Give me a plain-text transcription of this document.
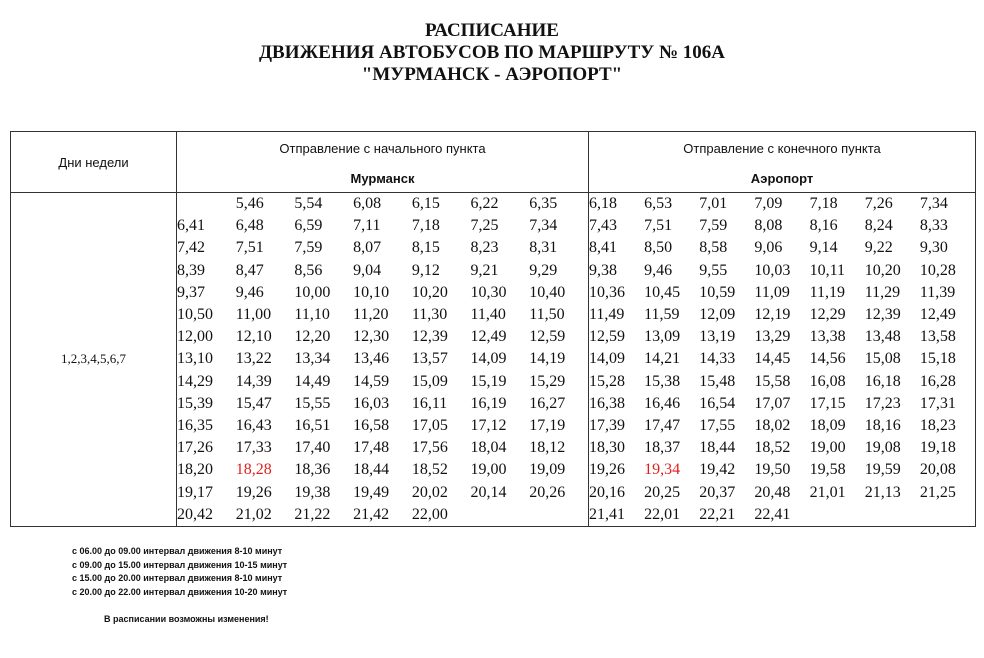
РАСПИСАНИЕ
ДВИЖЕНИЯ АВТОБУСОВ ПО МАРШРУТУ № 106А
"МУРМАНСК - АЭРОПОРТ"
Дни недели	Отправление с начального пункта	Отправление с конечного пункта
Мурманск	Аэропорт
1,2,3,4,5,6,7	
	5,46	5,54	6,08	6,15	6,22	6,35
6,41	6,48	6,59	7,11	7,18	7,25	7,34
7,42	7,51	7,59	8,07	8,15	8,23	8,31
8,39	8,47	8,56	9,04	9,12	9,21	9,29
9,37	9,46	10,00	10,10	10,20	10,30	10,40
10,50	11,00	11,10	11,20	11,30	11,40	11,50
12,00	12,10	12,20	12,30	12,39	12,49	12,59
13,10	13,22	13,34	13,46	13,57	14,09	14,19
14,29	14,39	14,49	14,59	15,09	15,19	15,29
15,39	15,47	15,55	16,03	16,11	16,19	16,27
16,35	16,43	16,51	16,58	17,05	17,12	17,19
17,26	17,33	17,40	17,48	17,56	18,04	18,12
18,20	18,28	18,36	18,44	18,52	19,00	19,09
19,17	19,26	19,38	19,49	20,02	20,14	20,26
20,42	21,02	21,22	21,42	22,00		

6,18	6,53	7,01	7,09	7,18	7,26	7,34
7,43	7,51	7,59	8,08	8,16	8,24	8,33
8,41	8,50	8,58	9,06	9,14	9,22	9,30
9,38	9,46	9,55	10,03	10,11	10,20	10,28
10,36	10,45	10,59	11,09	11,19	11,29	11,39
11,49	11,59	12,09	12,19	12,29	12,39	12,49
12,59	13,09	13,19	13,29	13,38	13,48	13,58
14,09	14,21	14,33	14,45	14,56	15,08	15,18
15,28	15,38	15,48	15,58	16,08	16,18	16,28
16,38	16,46	16,54	17,07	17,15	17,23	17,31
17,39	17,47	17,55	18,02	18,09	18,16	18,23
18,30	18,37	18,44	18,52	19,00	19,08	19,18
19,26	19,34	19,42	19,50	19,58	19,59	20,08
20,16	20,25	20,37	20,48	21,01	21,13	21,25
21,41	22,01	22,21	22,41			
с 06.00 до 09.00 интервал движения 8-10 минут
с 09.00 до 15.00 интервал движения 10-15 минут
с 15.00 до 20.00 интервал движения 8-10 минут
с 20.00 до 22.00 интервал движения 10-20 минут
В расписании возможны изменения!
